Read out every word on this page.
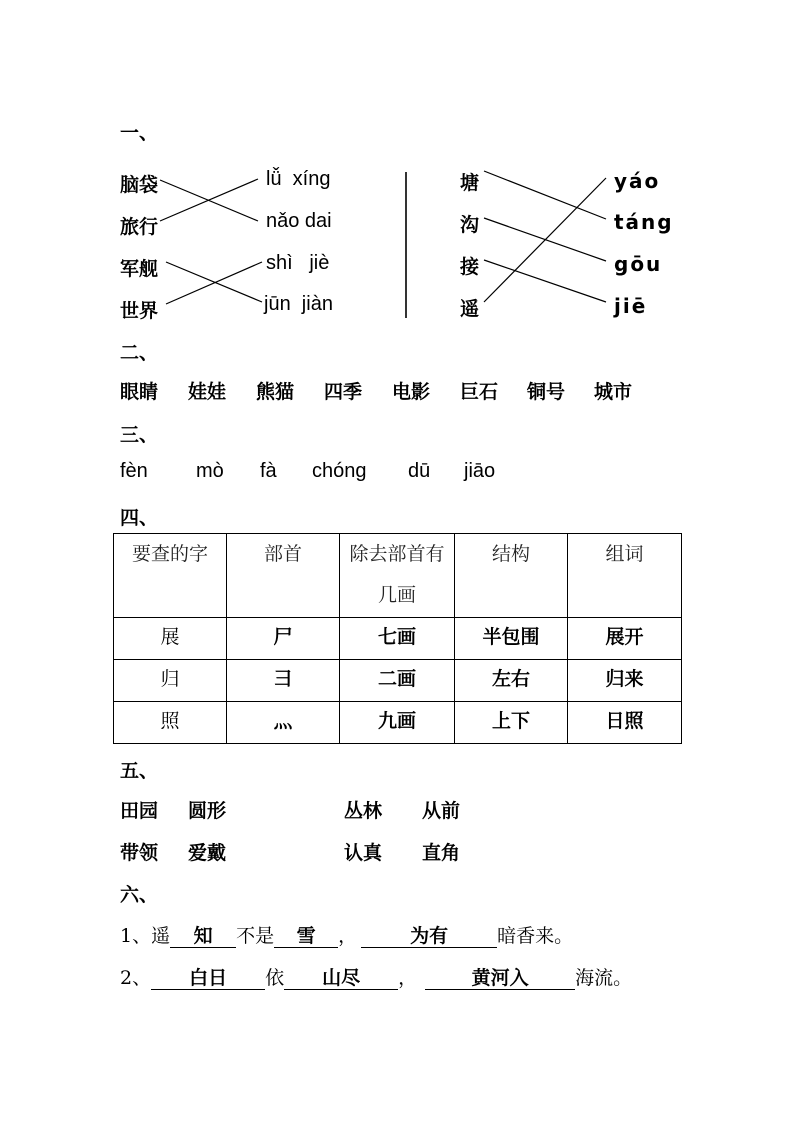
一、
脑袋
旅行
军舰
世界
lǚ  xíng
nǎo dai
shì   jiè
jūn  jiàn
塘
沟
接
遥
yáo
táng
gōu
jiē
二、
眼睛 娃娃 熊猫 四季 电影 巨石 铜号 城市
三、
fèn mò fà chóng dū jiāo
四、
要查的字	部首	除去部首有几画	结构	组词
展	尸	七画	半包围	展开
归	彐	二画	左右	归来
照	灬	九画	上下	日照
五、
田园 圆形	丛林 从前
带领 爱戴	认真 直角
六、
1、遥 知 不是 雪 ，	为有	暗香来。
2、 白日 依 山尽 ，	黄河入 海流。
